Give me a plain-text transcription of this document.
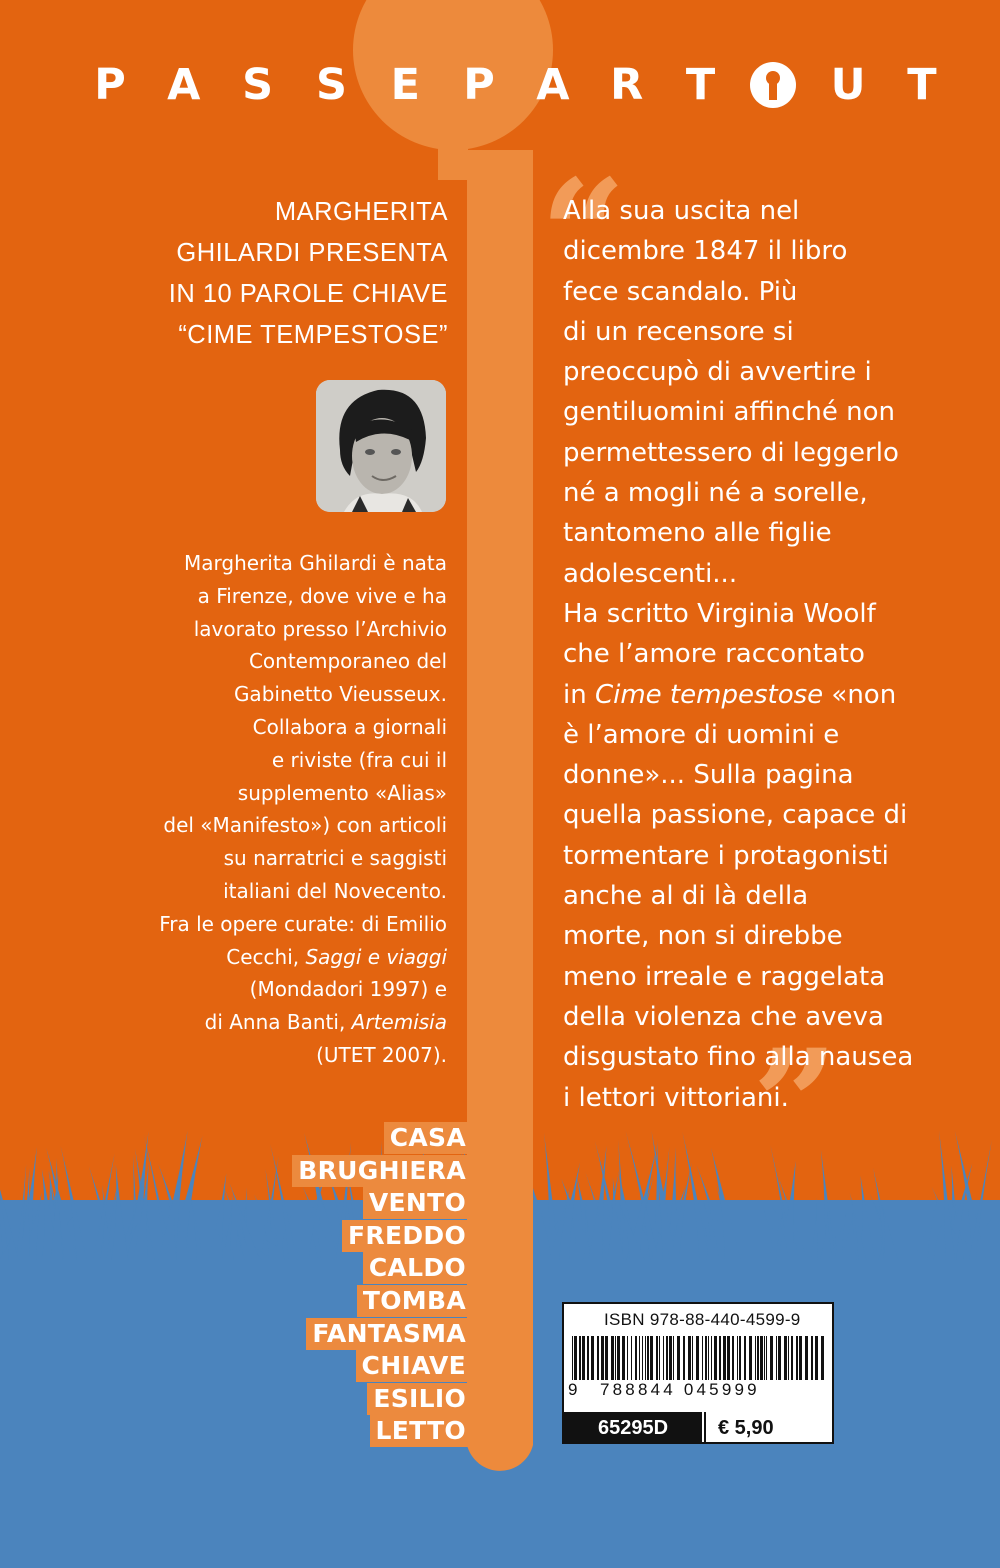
P A S S E P A R T	U T
MARGHERITA
GHILARDI PRESENTA
IN 10 PAROLE CHIAVE
“CIME TEMPESTOSE”
Margherita Ghilardi è nata
a Firenze, dove vive e ha
lavorato presso l’Archivio
Contemporaneo del
Gabinetto Vieusseux.
Collabora a giornali
e riviste (fra cui il
supplemento «Alias»
del «Manifesto») con articoli
su narratrici e saggisti
italiani del Novecento.
Fra le opere curate: di Emilio
Cecchi, Saggi e viaggi
(Mondadori 1997) e
di Anna Banti, Artemisia
(UTET 2007).
“
”
Alla sua uscita nel
dicembre 1847 il libro
fece scandalo. Più
di un recensore si
preoccupò di avvertire i
gentiluomini affinché non
permettessero di leggerlo
né a mogli né a sorelle,
tantomeno alle figlie
adolescenti...
Ha scritto Virginia Woolf
che l’amore raccontato
in Cime tempestose «non
è l’amore di uomini e
donne»... Sulla pagina
quella passione, capace di
tormentare i protagonisti
anche al di là della
morte, non si direbbe
meno irreale e raggelata
della violenza che aveva
disgustato fino alla nausea
i lettori vittoriani.
CASA
BRUGHIERA
VENTO
FREDDO
CALDO
TOMBA
FANTASMA
CHIAVE
ESILIO
LETTO
ISBN 978-88-440-4599-9
9 788844 045999
65295D	€ 5,90
